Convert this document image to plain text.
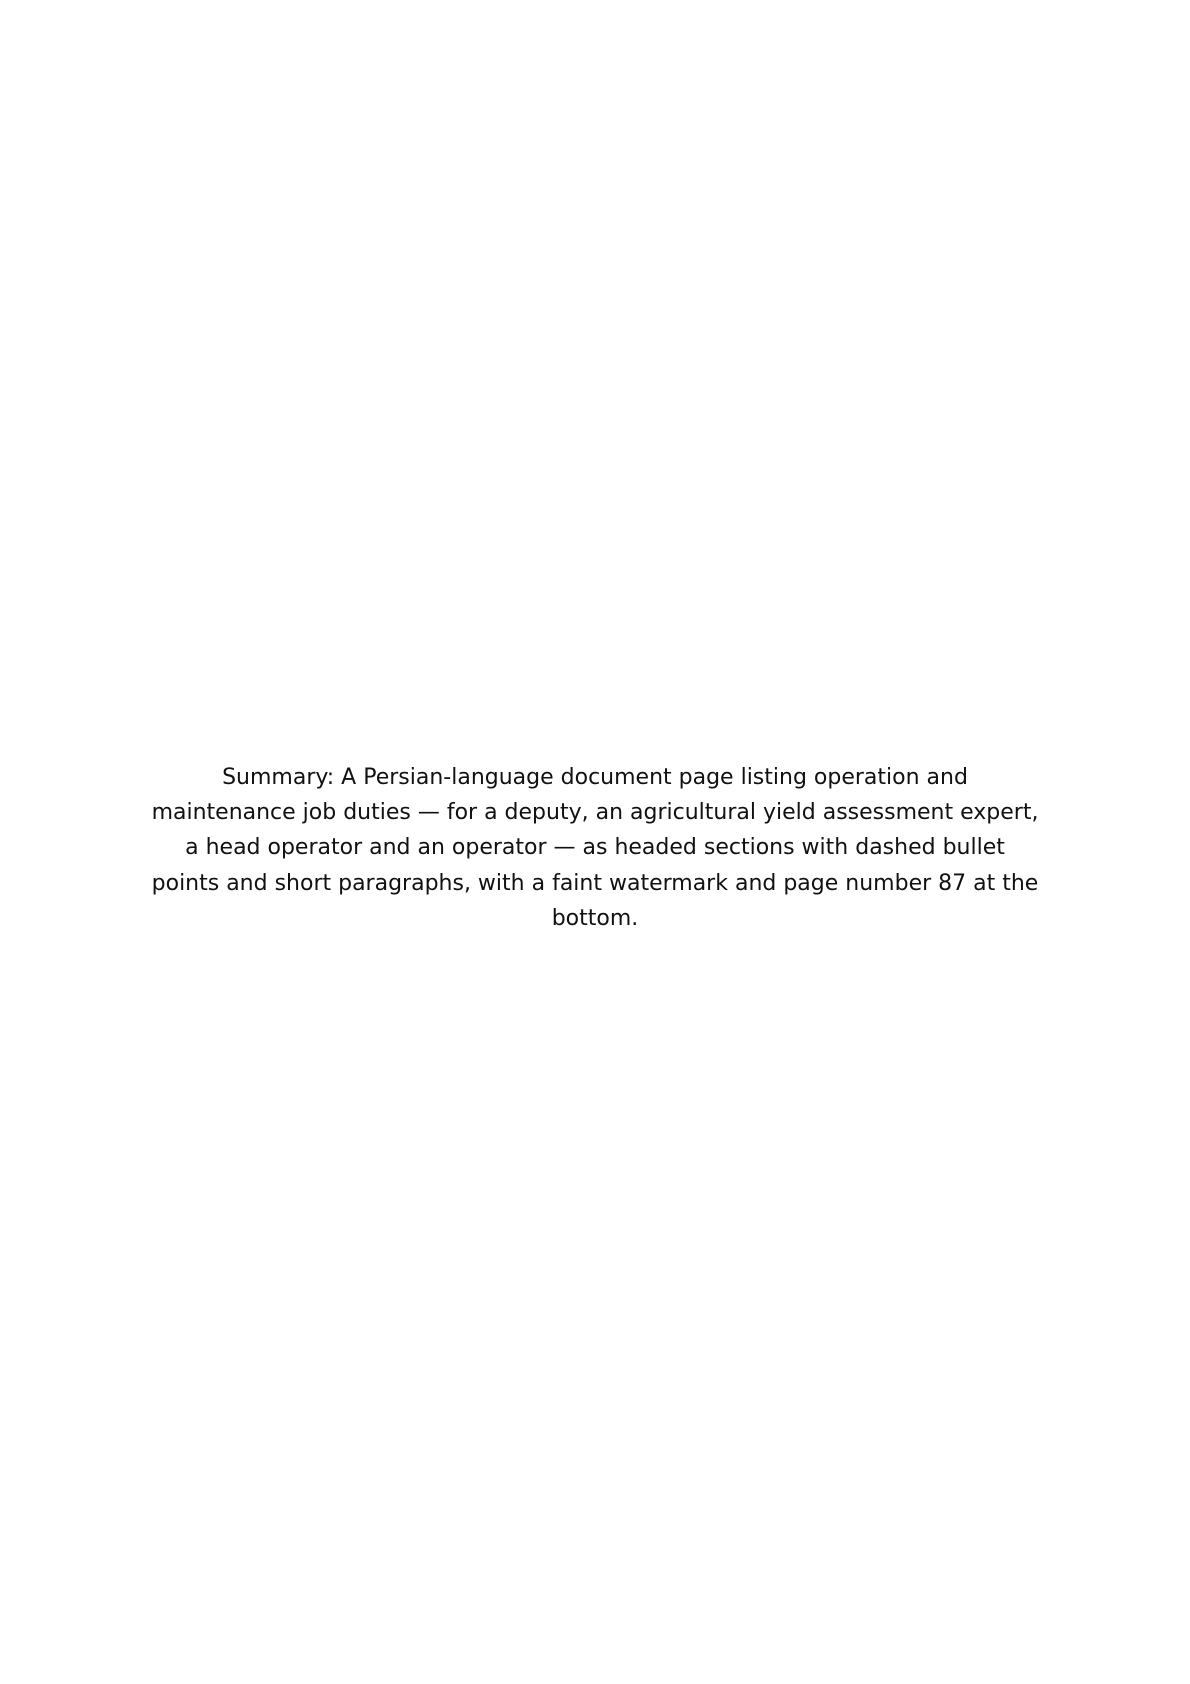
Summary: A Persian-language document page listing operation and maintenance job duties — for a deputy, an agricultural yield assessment expert, a head operator and an operator — as headed sections with dashed bullet points and short paragraphs, with a faint watermark and page number 87 at the bottom.
